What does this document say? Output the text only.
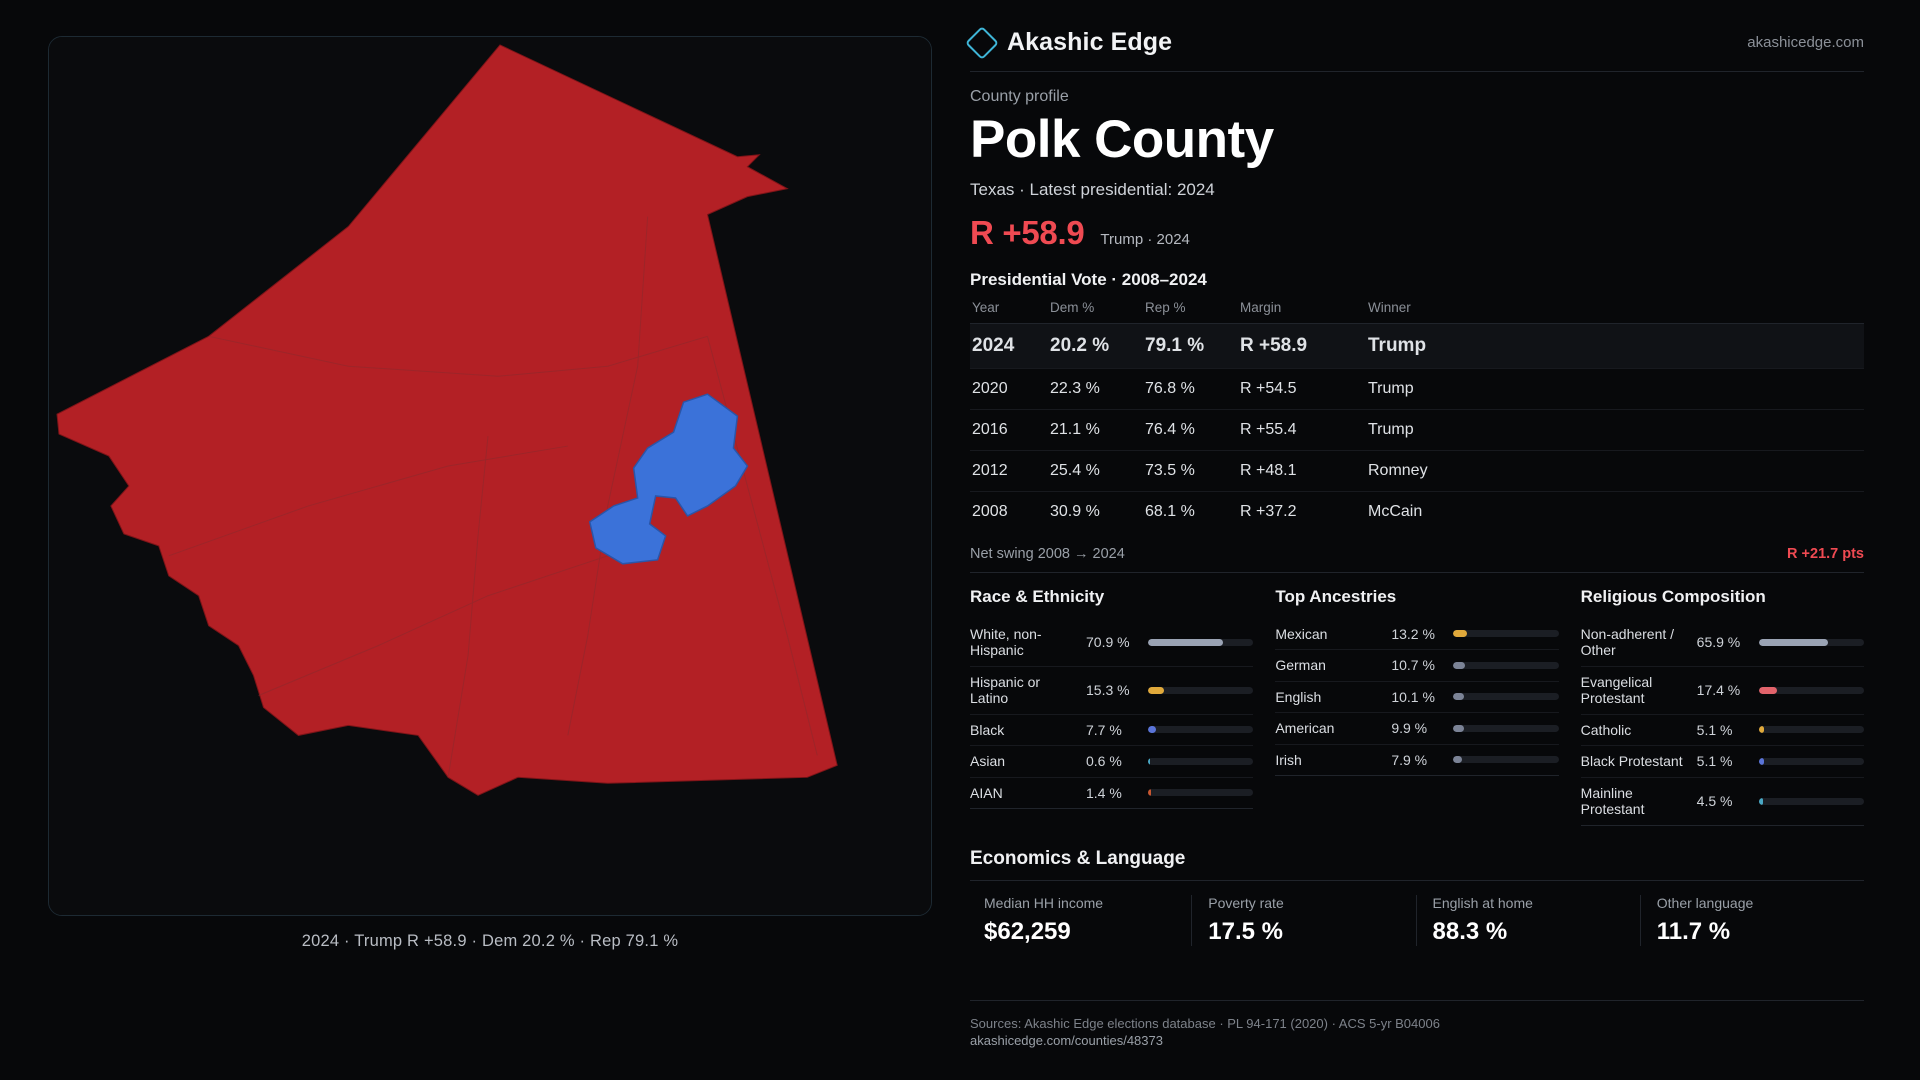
2024 · Trump R +58.9 · Dem 20.2 % · Rep 79.1 %
Akashic Edge	akashicedge.com
County profile
Polk County
Texas · Latest presidential: 2024
R +58.9 Trump · 2024
Presidential Vote · 2008–2024
Year	Dem %	Rep %	Margin	Winner
2024	20.2 %	79.1 %	R +58.9	Trump
2020	22.3 %	76.8 %	R +54.5	Trump
2016	21.1 %	76.4 %	R +55.4	Trump
2012	25.4 %	73.5 %	R +48.1	Romney
2008	30.9 %	68.1 %	R +37.2	McCain
Net swing 2008 → 2024	R +21.7 pts
Race & Ethnicity
White, non-Hispanic	70.9 %
Hispanic or Latino	15.3 %
Black	7.7 %
Asian	0.6 %
AIAN	1.4 %
Top Ancestries
Mexican	13.2 %
German	10.7 %
English	10.1 %
American	9.9 %
Irish	7.9 %
Religious Composition
Non-adherent / Other	65.9 %
Evangelical Protestant	17.4 %
Catholic	5.1 %
Black Protestant	5.1 %
Mainline Protestant	4.5 %
Economics & Language
Median HH income
$62,259
Poverty rate
17.5 %
English at home
88.3 %
Other language
11.7 %
Sources: Akashic Edge elections database · PL 94-171 (2020) · ACS 5-yr B04006
akashicedge.com/counties/48373
